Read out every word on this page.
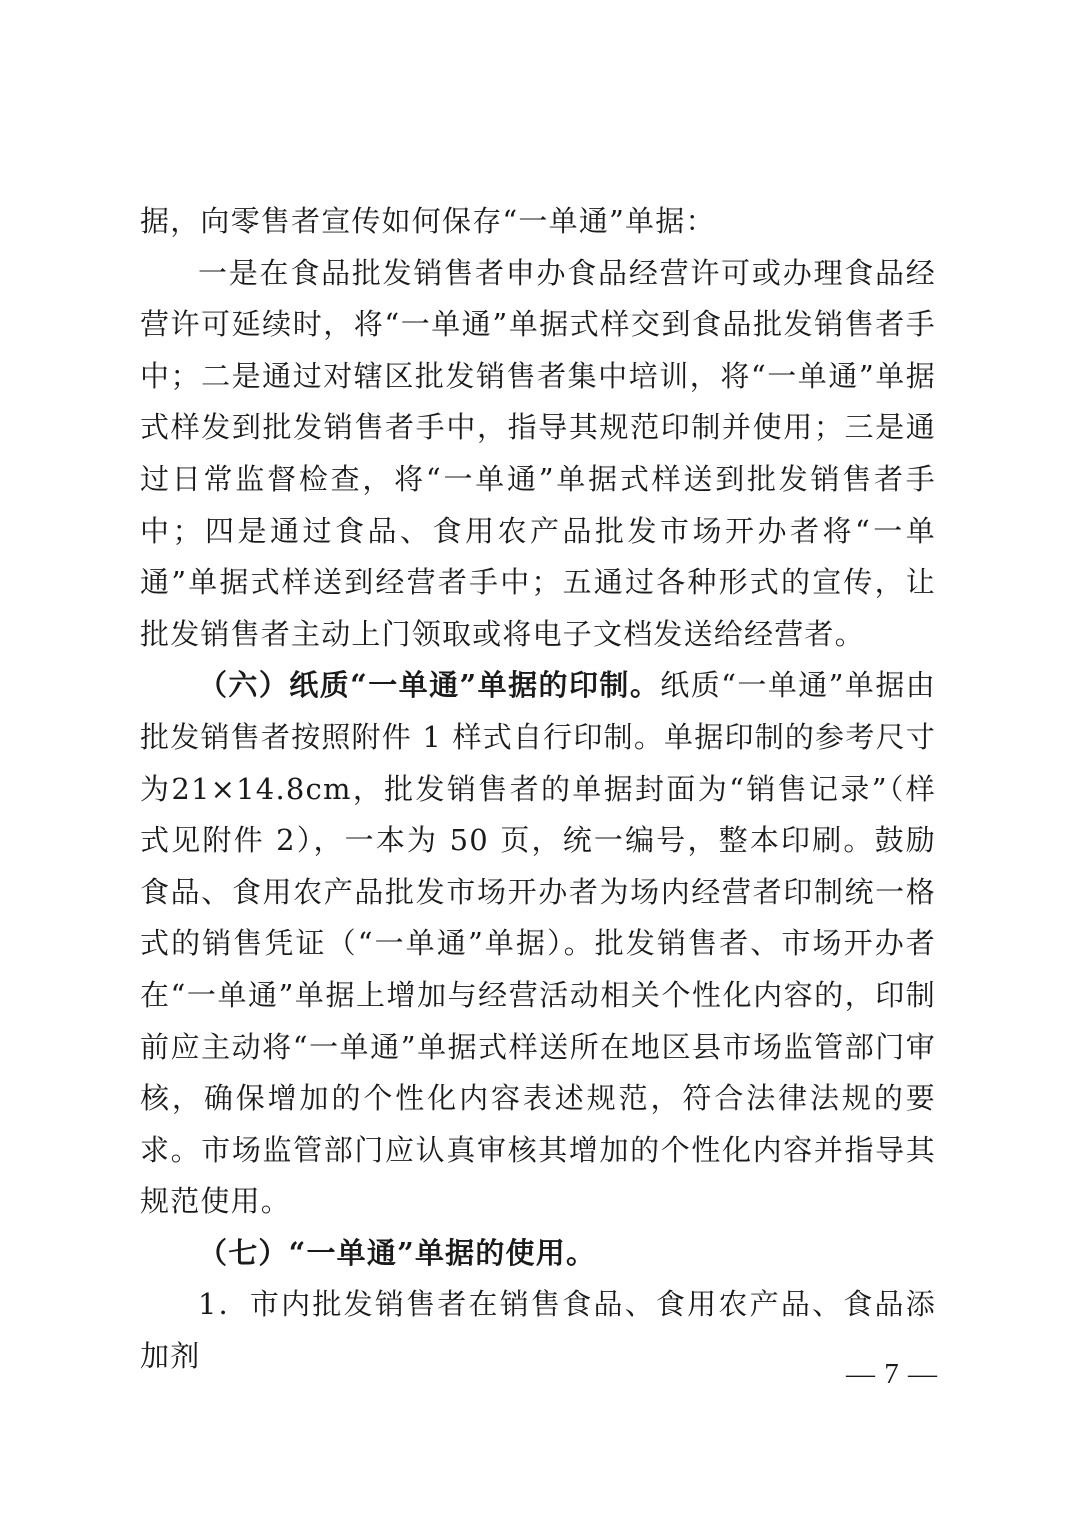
据，向零售者宣传如何保存“一单通”单据：

一是在食品批发销售者申办食品经营许可或办理食品经营许可延续时，将“一单通”单据式样交到食品批发销售者手中；二是通过对辖区批发销售者集中培训，将“一单通”单据式样发到批发销售者手中，指导其规范印制并使用；三是通过日常监督检查，将“一单通”单据式样送到批发销售者手中；四是通过食品、食用农产品批发市场开办者将“一单通”单据式样送到经营者手中；五通过各种形式的宣传，让批发销售者主动上门领取或将电子文档发送给经营者。

（六）纸质“一单通”单据的印制。纸质“一单通”单据由批发销售者按照附件 1 样式自行印制。单据印制的参考尺寸为21×14.8cm，批发销售者的单据封面为“销售记录”（样式见附件 2），一本为 50 页，统一编号，整本印刷。鼓励食品、食用农产品批发市场开办者为场内经营者印制统一格式的销售凭证（“一单通”单据）。批发销售者、市场开办者在“一单通”单据上增加与经营活动相关个性化内容的，印制前应主动将“一单通”单据式样送所在地区县市场监管部门审核，确保增加的个性化内容表述规范，符合法律法规的要求。市场监管部门应认真审核其增加的个性化内容并指导其规范使用。

（七）“一单通”单据的使用。

1．市内批发销售者在销售食品、食用农产品、食品添加剂

— 7 —
